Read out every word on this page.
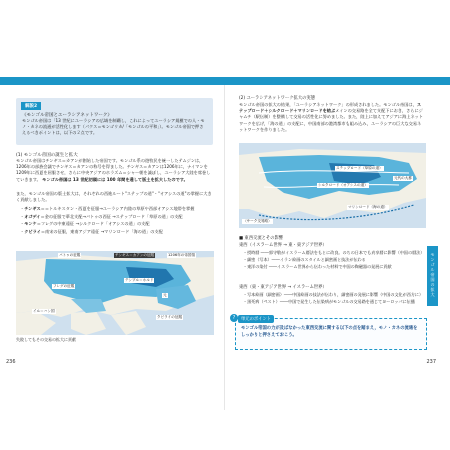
236	237
解説2
《モンゴル帝国とユーラシアネットワーク》
モンゴル帝国は「13 世紀にユーラシアの広域を制覇し，これによってユーラシア規模での人・モノ・カネの流通が活性化します（パクス＝モンゴリカ/「モンゴルの平和」）。モンゴル帝国で押さえるべきポイントは，以下の２点です。
(1) モンゴル帝国の誕生と拡大
モンゴル帝国はチンギス＝カアンが創始した帝国です。モンゴル系の遊牧民を統一したテムジンは，1206年の部族会議でチンギス＝カアンの称号を得ました。チンギス＝カアンは1206年に，ナイマンを1209年に西夏を屈服させ，さらに中央アジアのホラズム＝シャー朝を滅ぼし，ユーラシア大陸を席巻していきます。 モンゴル帝国は 13 世紀初頭には 100 年間を通して版土を拡大したのです。
また，モンゴル帝国の版土拡大は，それぞれの西進ルート"ステップの道"・"オアシスの道"の掌握に大きく貢献しました。
・ チンギス＝＝トルキスタン・西夏を征服→ユーラシア内陸の草原や西部オアシス地帯を掌握
・ オゴデイ＝金の征服で華北支配→バトゥの西征 →ステップロード「草原の道」の支配
・ モンケ＝フレグの中東遠征 →シルクロード「オアシスの道」の支配
・ クビライ＝南宋の征服，東南アジア遠征 →マリンロード「海の道」の支配
バトゥの征服	チンギス＝カアンの征服	1206年の帝国領
フレグの征服
テンプル＝ホルド
元
イル＝ハン国
クビライの征服
失敗してもその交易の拡大に貢献
(2) ユーラシアネットワーク拡大の実態
モンゴル帝国の拡大の結果，「ユーラシアネットワーク」の形成されました。モンゴル帝国は，ステップロード＋シルクロード＋マリンロードを結ぶメインの交易路を全て支配下におき，さらにジャムチ（駅伝制）を整備して交易の活性化に努めました。また，陸上に加えてアジアに海上ネットワークを広げ，「海の道」の支配に，中国南部の港湾都市も組み込み，ユーラシアの巨大な交易ネットワークを作りました。
ステップロード（草原の道）
シルクロード（オアシスの道）
元代の大都
マリンロード（海の道）
〈サーク交易路〉
■ 東西交流とその影響
東西（イスラーム世界 → 東・東アジア世界）
・ 授時暦 ――郭守敬がイスラーム暦法をもとに改良。のちの日本でも貞享暦に影響（中国の暦法）
・ 細密（写本）――イラン絵画のスタイルと細密画と技法が伝わる
・ 東洋の染付 ――イスラーム世界から伝わった材料で中国の陶磁器の発展に貢献
東西（東・東アジア世界 → イスラーム世界）
・ 写本絵画（細密画）――中国絵画の技法が伝わり，細密画の発展に影響（中国の文化が西方に）
・ 黒死病（ペスト）――中国で発生した伝染病がモンゴルの交易路を通じてヨーロッパに伝播
モンゴル帝国の拡大
?	単元のポイント
モンゴル帝国の力が及ばなかった東西交流に関する以下の点を踏まえ，モノ・カネの流通をしっかりと押さえておこう。
